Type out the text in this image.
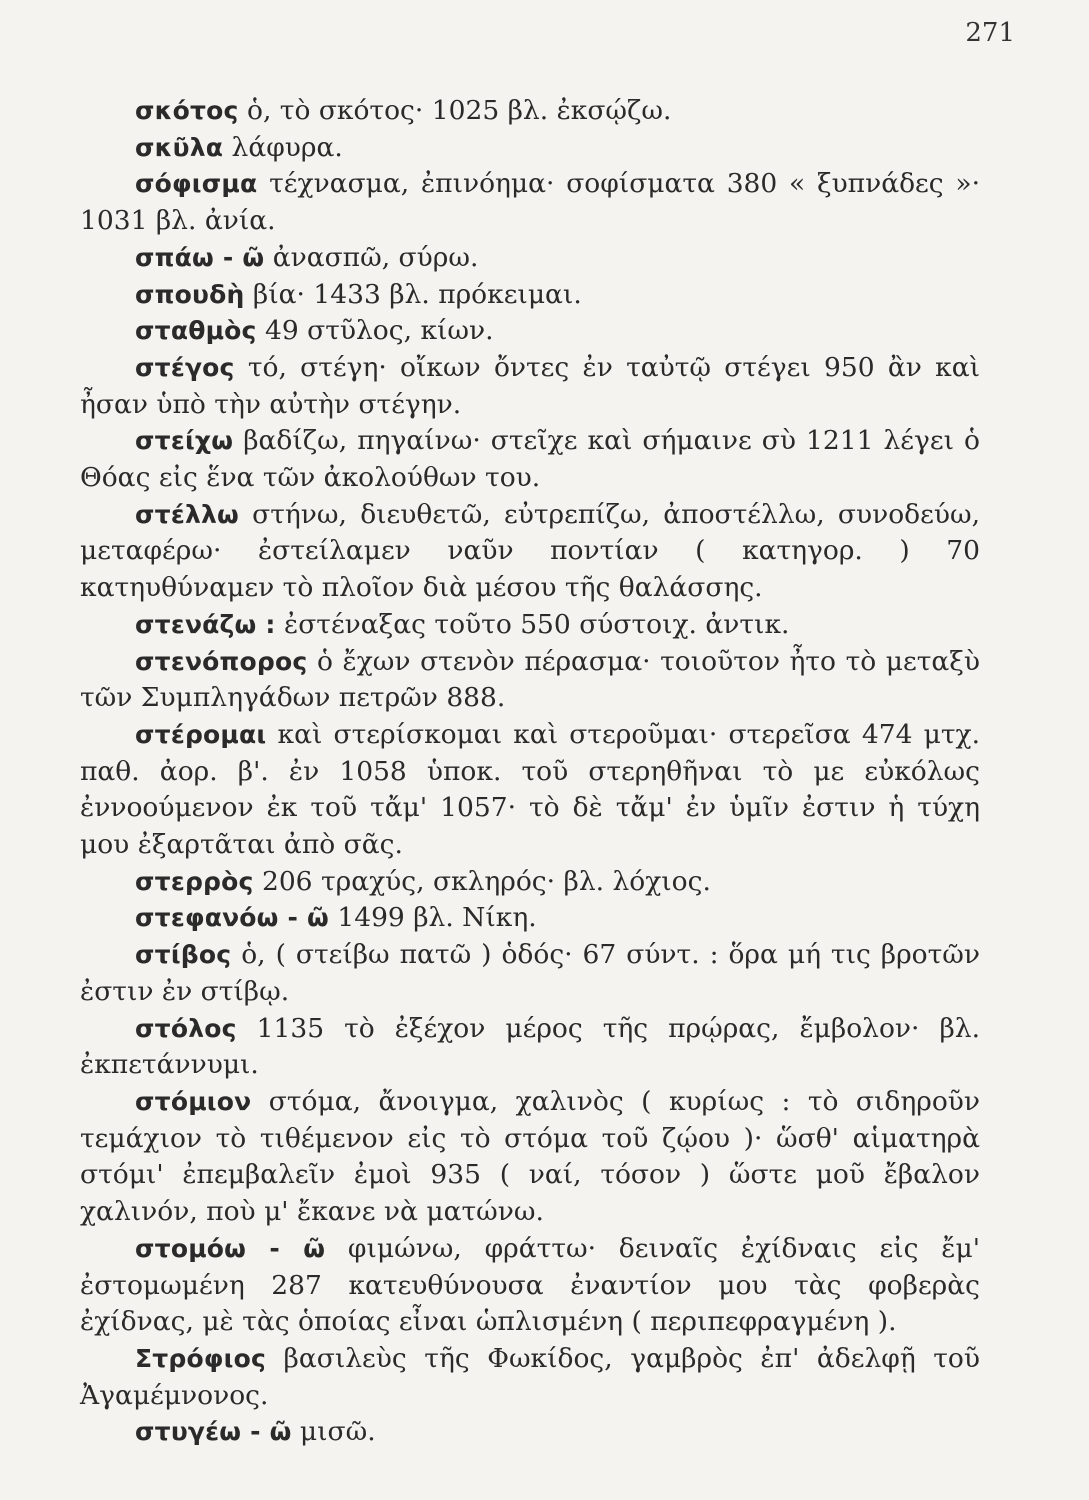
271

σκότος ὁ, τὸ σκότος· 1025 βλ. ἐκσῴζω.

σκῦλα λάφυρα.

σόφισμα τέχνασμα, ἐπινόημα· σοφίσματα 380 « ξυπνάδες »· 1031 βλ. ἀνία.

σπάω - ῶ ἀνασπῶ, σύρω.

σπουδὴ βία· 1433 βλ. πρόκειμαι.

σταθμὸς 49 στῦλος, κίων.

στέγος τό, στέγη· οἴκων ὄντες ἐν ταὐτῷ στέγει 950 ἂν καὶ ἦσαν ὑπὸ τὴν αὐτὴν στέγην.

στείχω βαδίζω, πηγαίνω· στεῖχε καὶ σήμαινε σὺ 1211 λέγει ὁ Θόας εἰς ἕνα τῶν ἀκολούθων του.

στέλλω στήνω, διευθετῶ, εὐτρεπίζω, ἀποστέλλω, συνοδεύω, μεταφέρω· ἐστείλαμεν ναῦν ποντίαν ( κατηγορ. ) 70 κατηυθύναμεν τὸ πλοῖον διὰ μέσου τῆς θαλάσσης.

στενάζω : ἐστέναξας τοῦτο 550 σύστοιχ. ἀντικ.

στενόπορος ὁ ἔχων στενὸν πέρασμα· τοιοῦτον ἦτο τὸ μεταξὺ τῶν Συμπληγάδων πετρῶν 888.

στέρομαι καὶ στερίσκομαι καὶ στεροῦμαι· στερεῖσα 474 μτχ. παθ. ἀορ. β'. ἐν 1058 ὑποκ. τοῦ στερηθῆναι τὸ με εὐκόλως ἐννοούμενον ἐκ τοῦ τἄμ' 1057· τὸ δὲ τἄμ' ἐν ὑμῖν ἐστιν ἡ τύχη μου ἐξαρτᾶται ἀπὸ σᾶς.

στερρὸς 206 τραχύς, σκληρός· βλ. λόχιος.

στεφανόω - ῶ 1499 βλ. Νίκη.

στίβος ὁ, ( στείβω πατῶ ) ὁδός· 67 σύντ. : ὅρα μή τις βροτῶν ἐστιν ἐν στίβῳ.

στόλος 1135 τὸ ἐξέχον μέρος τῆς πρῴρας, ἔμβολον· βλ. ἐκπετάννυμι.

στόμιον στόμα, ἄνοιγμα, χαλινὸς ( κυρίως : τὸ σιδηροῦν τεμάχιον τὸ τιθέμενον εἰς τὸ στόμα τοῦ ζῴου )· ὥσθ' αἱματηρὰ στόμι' ἐπεμβαλεῖν ἐμοὶ 935 ( ναί, τόσον ) ὥστε μοῦ ἔβαλον χαλινόν, ποὺ μ' ἔκανε νὰ ματώνω.

στομόω - ῶ φιμώνω, φράττω· δειναῖς ἐχίδναις εἰς ἔμ' ἐστομωμένη 287 κατευθύνουσα ἐναντίον μου τὰς φοβερὰς ἐχίδνας, μὲ τὰς ὁποίας εἶναι ὡπλισμένη ( περιπεφραγμένη ).

Στρόφιος βασιλεὺς τῆς Φωκίδος, γαμβρὸς ἐπ' ἀδελφῇ τοῦ Ἀγαμέμνονος.

στυγέω - ῶ μισῶ.
